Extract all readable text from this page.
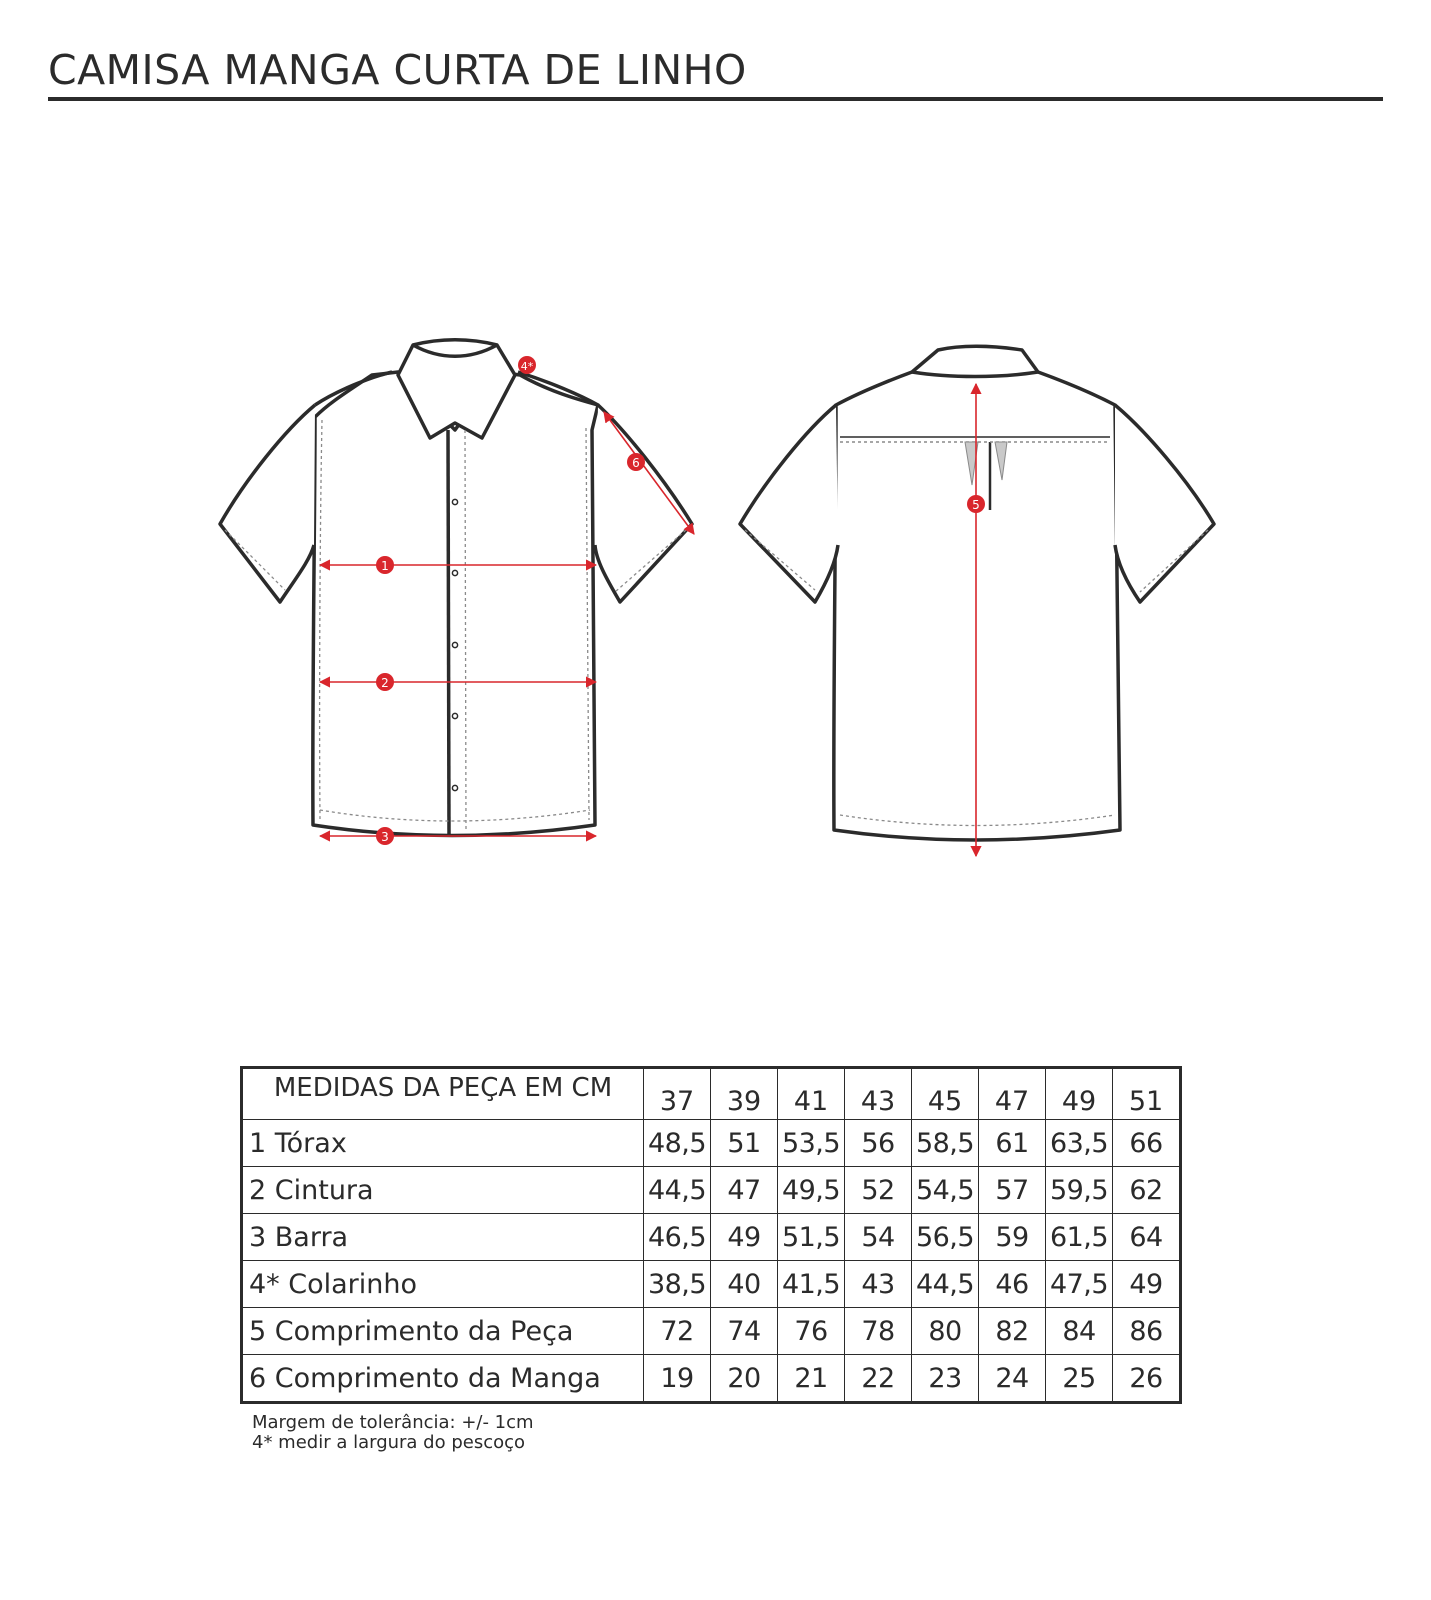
CAMISA MANGA CURTA DE LINHO
1
2
3
4*
5
6
MEDIDAS DA PEÇA EM CM	37	39	41	43	45	47	49	51
1 Tórax	48,5	51	53,5	56	58,5	61	63,5	66
2 Cintura	44,5	47	49,5	52	54,5	57	59,5	62
3 Barra	46,5	49	51,5	54	56,5	59	61,5	64
4* Colarinho	38,5	40	41,5	43	44,5	46	47,5	49
5 Comprimento da Peça	72	74	76	78	80	82	84	86
6 Comprimento da Manga	19	20	21	22	23	24	25	26
Margem de tolerância: +/- 1cm
4* medir a largura do pescoço
